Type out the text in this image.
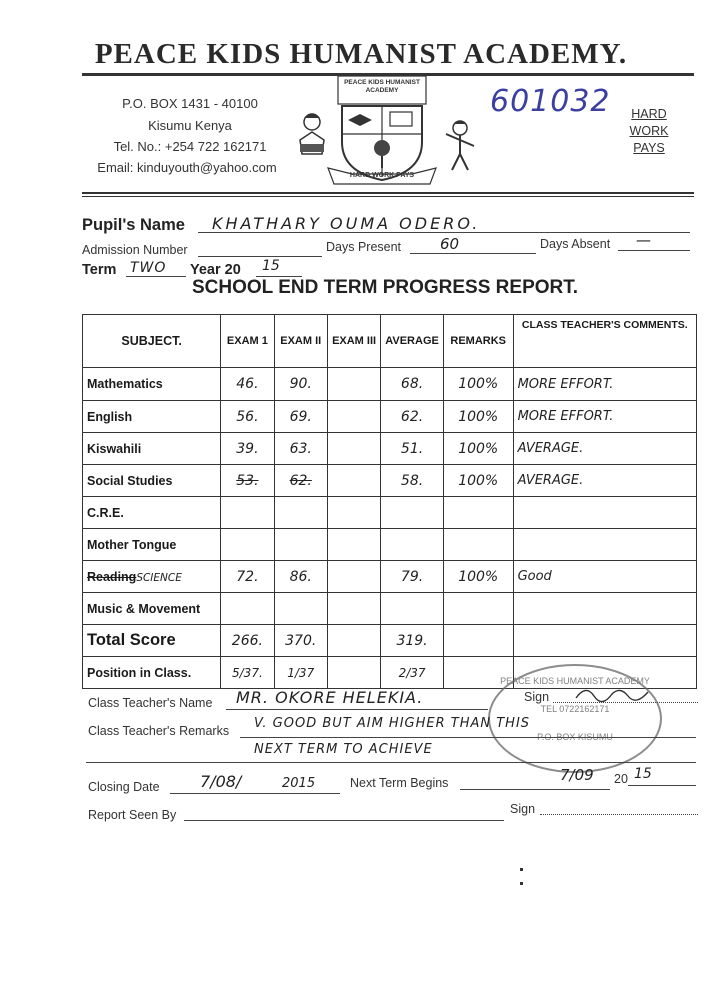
PEACE KIDS HUMANIST ACADEMY.
P.O. BOX 1431 - 40100
Kisumu Kenya
Tel. No.: +254 722 162171
Email: kinduyouth@yahoo.com
PEACE KIDS HUMANIST ACADEMY
HARD WORK PAYS
601032	HARD
WORK
PAYS
Pupil's Name KHATHARY OUMA ODERO.
Admission Number	Days Present	60	Days Absent —
Term TWO Year 20 15
SCHOOL END TERM PROGRESS REPORT.
SUBJECT.	EXAM 1	EXAM II	EXAM III	AVERAGE	REMARKS	CLASS TEACHER'S COMMENTS.
Mathematics	46.	90.		68.	100%	MORE EFFORT.
English	56.	69.		62.	100%	MORE EFFORT.
Kiswahili	39.	63.		51.	100%	AVERAGE.
Social Studies	53.	62.		58.	100%	AVERAGE.
C.R.E.						
Mother Tongue						
ReadingSCIENCE	72.	86.		79.	100%	Good
Music & Movement						
Total Score	266.	370.		319.		
Position in Class.	5/37.	1/37		2/37		
PEACE KIDS HUMANIST ACADEMY
TEL 0722162171
P.O. BOX KISUMU
Class Teacher's Name MR. OKORE HELEKIA.	Sign
Class Teacher's Remarks V. GOOD BUT AIM HIGHER THAN THIS
NEXT TERM TO ACHIEVE
Closing Date	7/08/	2015	Next Term Begins	7/09 20 15
Report Seen By	Sign
